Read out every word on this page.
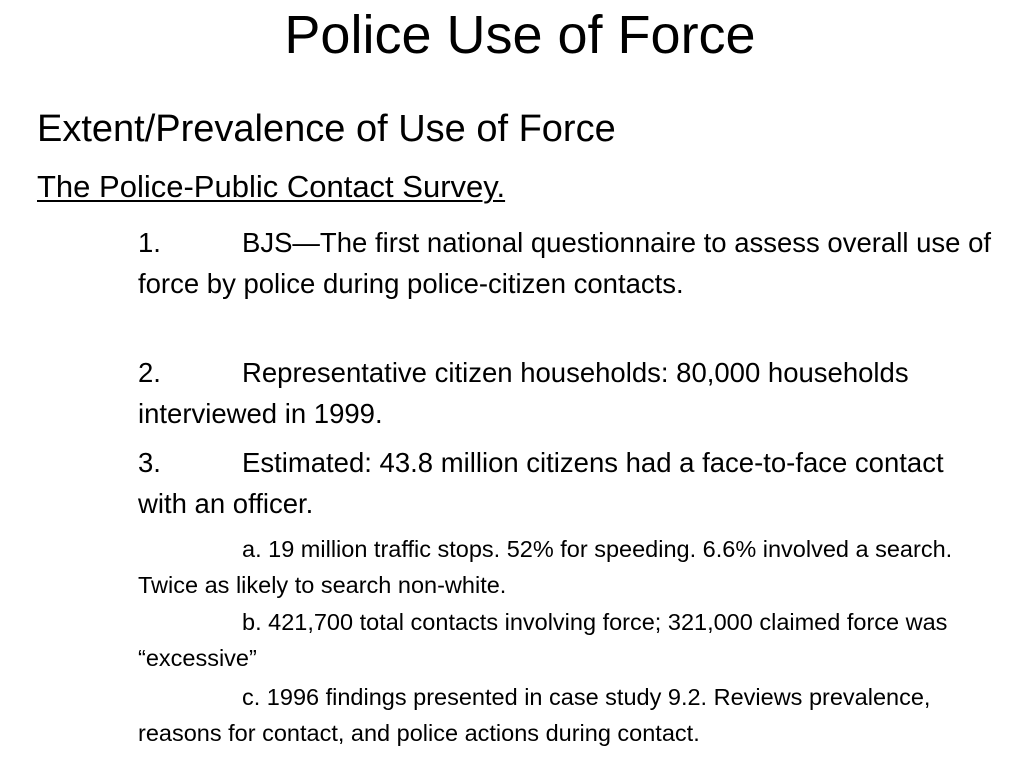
Police Use of Force
Extent/Prevalence of Use of Force
The Police-Public Contact Survey.
1.	BJS—The first national questionnaire to assess overall use of force by police during police-citizen contacts.
2.	Representative citizen households: 80,000 households interviewed in 1999.
3.	Estimated: 43.8 million citizens had a face-to-face contact with an officer.
a. 19 million traffic stops. 52% for speeding. 6.6% involved a search. Twice as likely to search non-white.
b. 421,700 total contacts involving force; 321,000 claimed force was “excessive”
c. 1996 findings presented in case study 9.2. Reviews prevalence, reasons for contact, and police actions during contact.
